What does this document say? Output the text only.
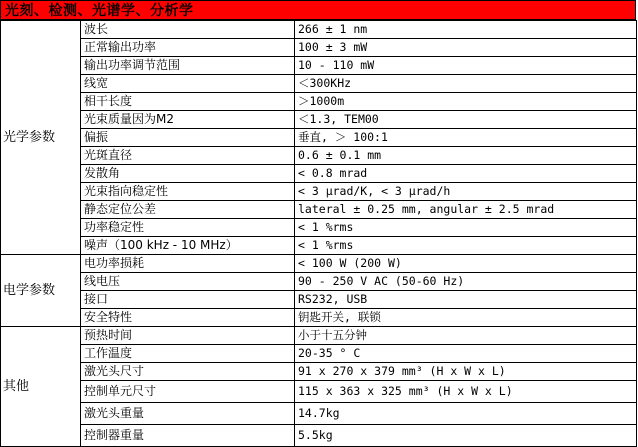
光刻、检测、光谱学、分析学
光学参数	波长	266 ± 1 nm
	正常输出功率	100 ± 3 mW
	输出功率调节范围	10 - 110 mW
	线宽	＜300KHz
	相干长度	＞1000m
	光束质量因为M2	＜1.3, TEM00
	偏振	垂直, ＞ 100:1
	光斑直径	0.6 ± 0.1 mm
	发散角	< 0.8 mrad
	光束指向稳定性	< 3 μrad/K, < 3 μrad/h
	静态定位公差	lateral ± 0.25 mm, angular ± 2.5 mrad
	功率稳定性	< 1 %rms
	噪声（100 kHz - 10 MHz）	< 1 %rms
电学参数	电功率损耗	< 100 W (200 W)
	线电压	90 - 250 V AC (50-60 Hz)
	接口	RS232, USB
	安全特性	钥匙开关, 联锁
其他	预热时间	小于十五分钟
	工作温度	20-35 ° C
	激光头尺寸	91 x 270 x 379 mm³ (H x W x L)
	控制单元尺寸	115 x 363 x 325 mm³ (H x W x L)
	激光头重量	14.7kg
	控制器重量	5.5kg
